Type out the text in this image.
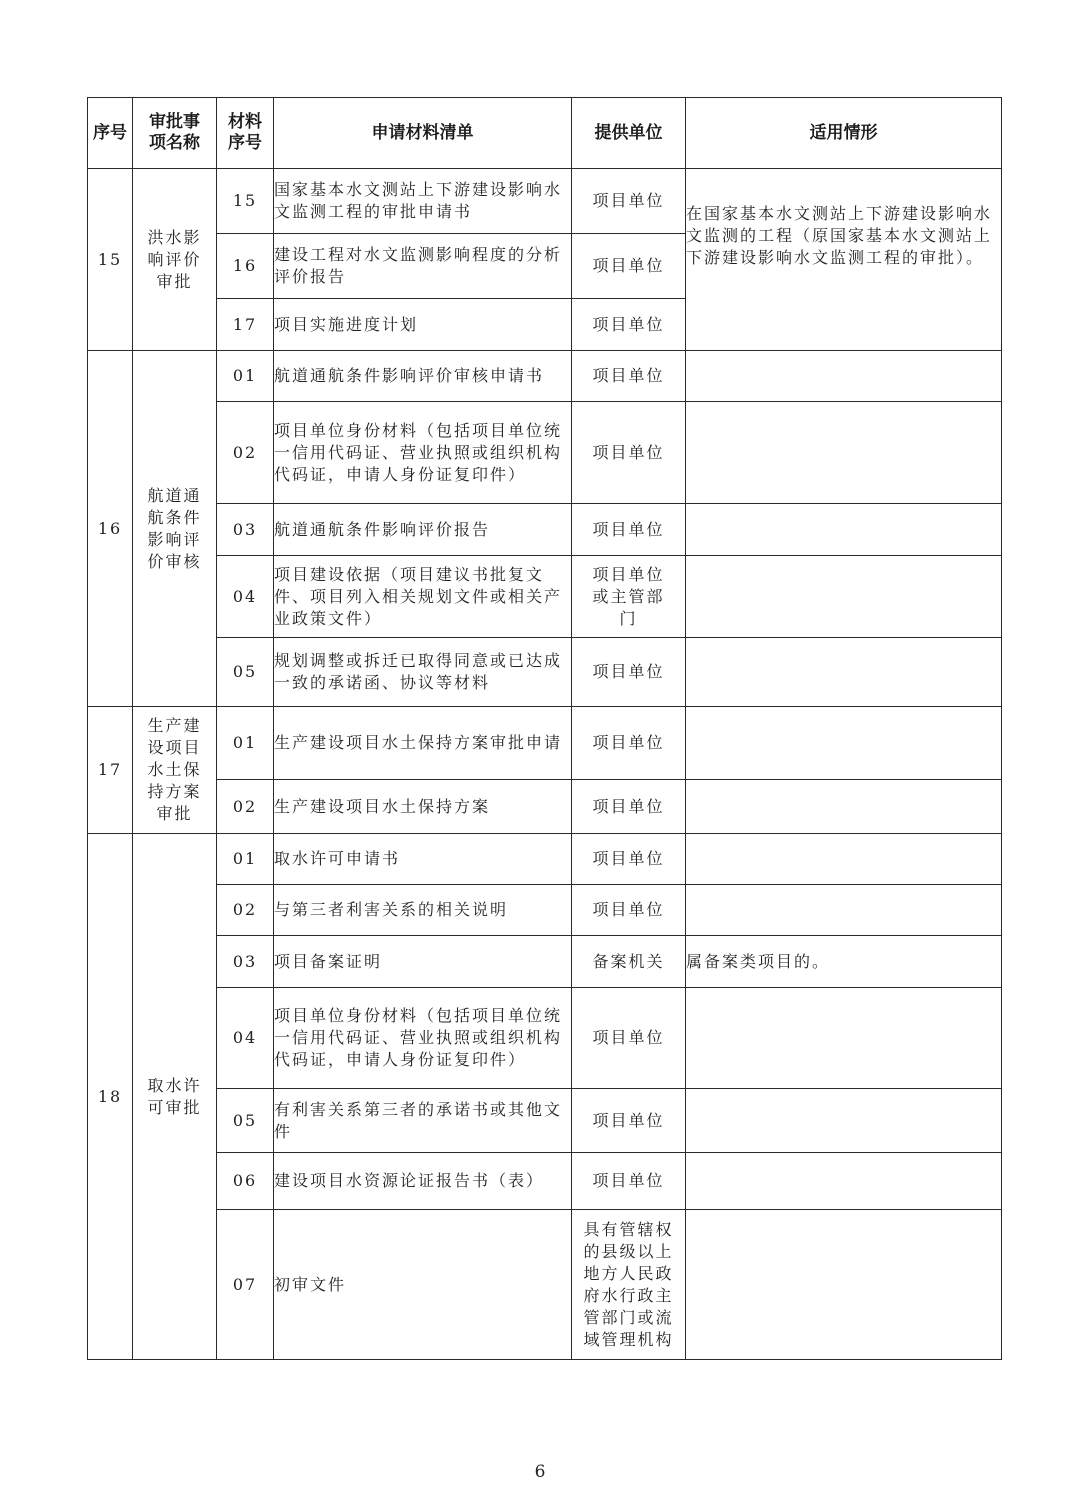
序号	审批事项名称	材料序号	申请材料清单	提供单位	适用情形
15	洪水影响评价审批	15	国家基本水文测站上下游建设影响水文监测工程的审批申请书	项目单位	在国家基本水文测站上下游建设影响水文监测的工程（原国家基本水文测站上下游建设影响水文监测工程的审批）。
		16	建设工程对水文监测影响程度的分析评价报告	项目单位	
		17	项目实施进度计划	项目单位	
16	航道通航条件影响评价审核	01	航道通航条件影响评价审核申请书	项目单位	
		02	项目单位身份材料（包括项目单位统一信用代码证、营业执照或组织机构代码证，申请人身份证复印件）	项目单位	
		03	航道通航条件影响评价报告	项目单位	
		04	项目建设依据（项目建议书批复文件、项目列入相关规划文件或相关产业政策文件）	项目单位或主管部门	
		05	规划调整或拆迁已取得同意或已达成一致的承诺函、协议等材料	项目单位	
17	生产建设项目水土保持方案审批	01	生产建设项目水土保持方案审批申请	项目单位	
		02	生产建设项目水土保持方案	项目单位	
18	取水许可审批	01	取水许可申请书	项目单位	
		02	与第三者利害关系的相关说明	项目单位	
		03	项目备案证明	备案机关	属备案类项目的。
		04	项目单位身份材料（包括项目单位统一信用代码证、营业执照或组织机构代码证，申请人身份证复印件）	项目单位	
		05	有利害关系第三者的承诺书或其他文件	项目单位	
		06	建设项目水资源论证报告书（表）	项目单位	
		07	初审文件	具有管辖权的县级以上地方人民政府水行政主管部门或流域管理机构	
6
